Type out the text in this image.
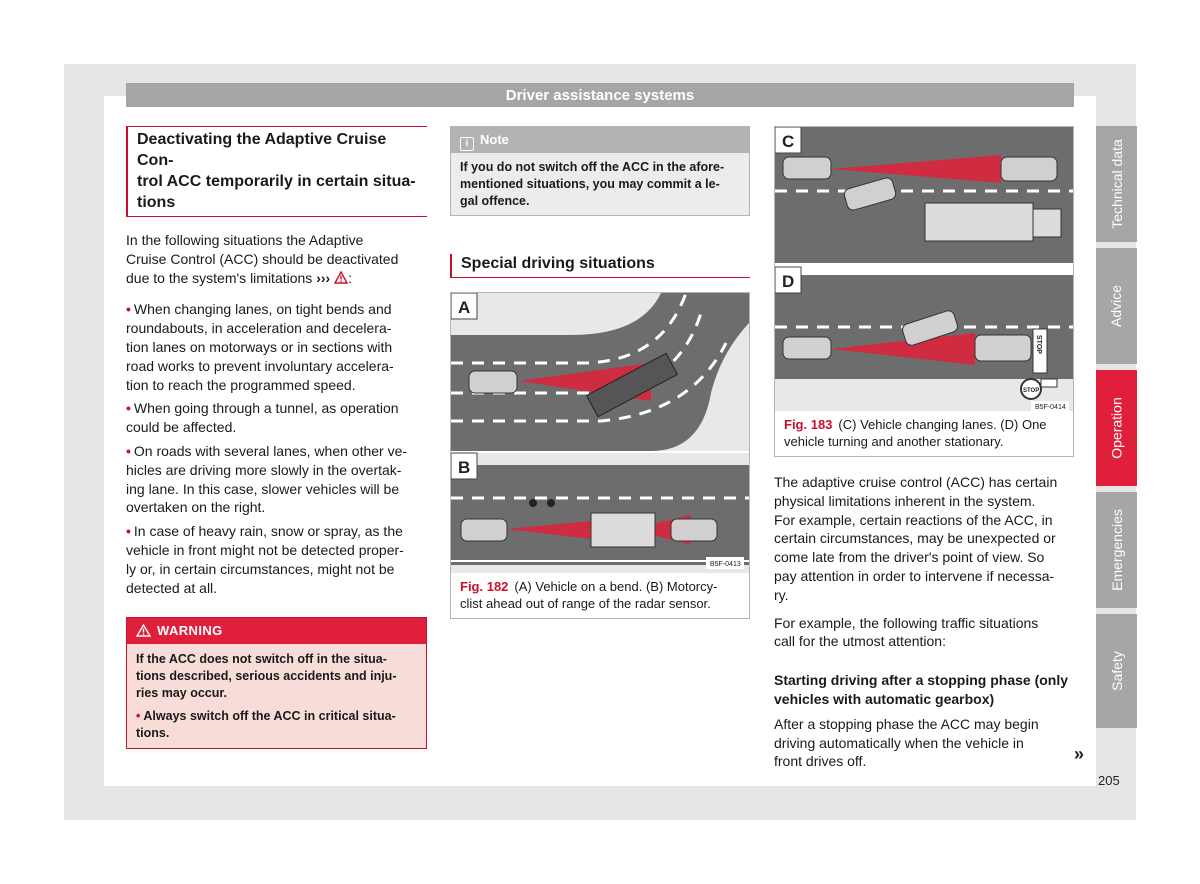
Driver assistance systems
Deactivating the Adaptive Cruise Con-
trol ACC temporarily in certain situa-
tions

In the following situations the Adaptive
Cruise Control (ACC) should be deactivated
due to the system's limitations ››› :

• When changing lanes, on tight bends and
roundabouts, in acceleration and decelera-
tion lanes on motorways or in sections with
road works to prevent involuntary accelera-
tion to reach the programmed speed.
• When going through a tunnel, as operation
could be affected.
• On roads with several lanes, when other ve-
hicles are driving more slowly in the overtak-
ing lane. In this case, slower vehicles will be
overtaken on the right.
• In case of heavy rain, snow or spray, as the
vehicle in front might not be detected proper-
ly or, in certain circumstances, might not be
detected at all.
WARNING
If the ACC does not switch off in the situa-
tions described, serious accidents and inju-
ries may occur.
• Always switch off the ACC in critical situa-
tions.
i Note
If you do not switch off the ACC in the afore-
mentioned situations, you may commit a le-
gal offence.
Special driving situations
A
B
B5F-0413
Fig. 182 (A) Vehicle on a bend. (B) Motorcy-
clist ahead out of range of the radar sensor.
C
D
STOP
STOP
B5F-0414
Fig. 183 (C) Vehicle changing lanes. (D) One
vehicle turning and another stationary.

The adaptive cruise control (ACC) has certain
physical limitations inherent in the system.
For example, certain reactions of the ACC, in
certain circumstances, may be unexpected or
come late from the driver's point of view. So
pay attention in order to intervene if necessa-
ry.

For example, the following traffic situations
call for the utmost attention:

Starting driving after a stopping phase (only
vehicles with automatic gearbox)

After a stopping phase the ACC may begin
driving automatically when the vehicle in
front drives off.	»
Technical data
Advice
Operation
Emergencies
Safety
205
